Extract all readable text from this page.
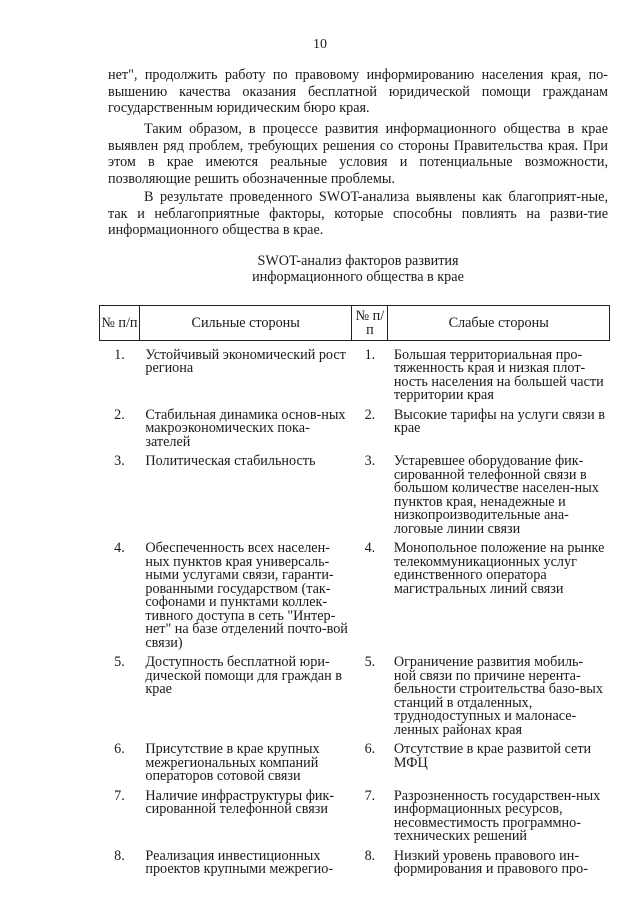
10

нет", продолжить работу по правовому информированию населения края, по-вышению качества оказания бесплатной юридической помощи гражданам государственным юридическим бюро края.

Таким образом, в процессе развития информационного общества в крае выявлен ряд проблем, требующих решения со стороны Правительства края. При этом в крае имеются реальные условия и потенциальные возможности, позволяющие решить обозначенные проблемы.

В результате проведенного SWOT-анализа выявлены как благоприят-ные, так и неблагоприятные факторы, которые способны повлиять на разви-тие информационного общества в крае.

SWOT-анализ факторов развития
информационного общества в крае
№ п/п	Сильные стороны	№ п/п	Слабые стороны

1.	Устойчивый экономический рост региона	1.	Большая территориальная про-тяженность края и низкая плот-ность населения на большей части территории края
2.	Стабильная динамика основ-ных макроэкономических пока-зателей	2.	Высокие тарифы на услуги связи в крае
3.	Политическая стабильность	3.	Устаревшее оборудование фик-сированной телефонной связи в большом количестве населен-ных пунктов края, ненадежные и низкопроизводительные ана-логовые линии связи
4.	Обеспеченность всех населен-ных пунктов края универсаль-ными услугами связи, гаранти-рованными государством (так-софонами и пунктами коллек-тивного доступа в сеть "Интер-нет" на базе отделений почто-вой связи)	4.	Монопольное положение на рынке телекоммуникационных услуг единственного оператора магистральных линий связи
5.	Доступность бесплатной юри-дической помощи для граждан в крае	5.	Ограничение развития мобиль-ной связи по причине нерента-бельности строительства базо-вых станций в отдаленных, труднодоступных и малонасе-ленных районах края
6.	Присутствие в крае крупных межрегиональных компаний операторов сотовой связи	6.	Отсутствие в крае развитой сети МФЦ
7.	Наличие инфраструктуры фик-сированной телефонной связи	7.	Разрозненность государствен-ных информационных ресурсов, несовместимость программно-технических решений
8.	Реализация инвестиционных проектов крупными межрегио-	8.	Низкий уровень правового ин-формирования и правового про-
